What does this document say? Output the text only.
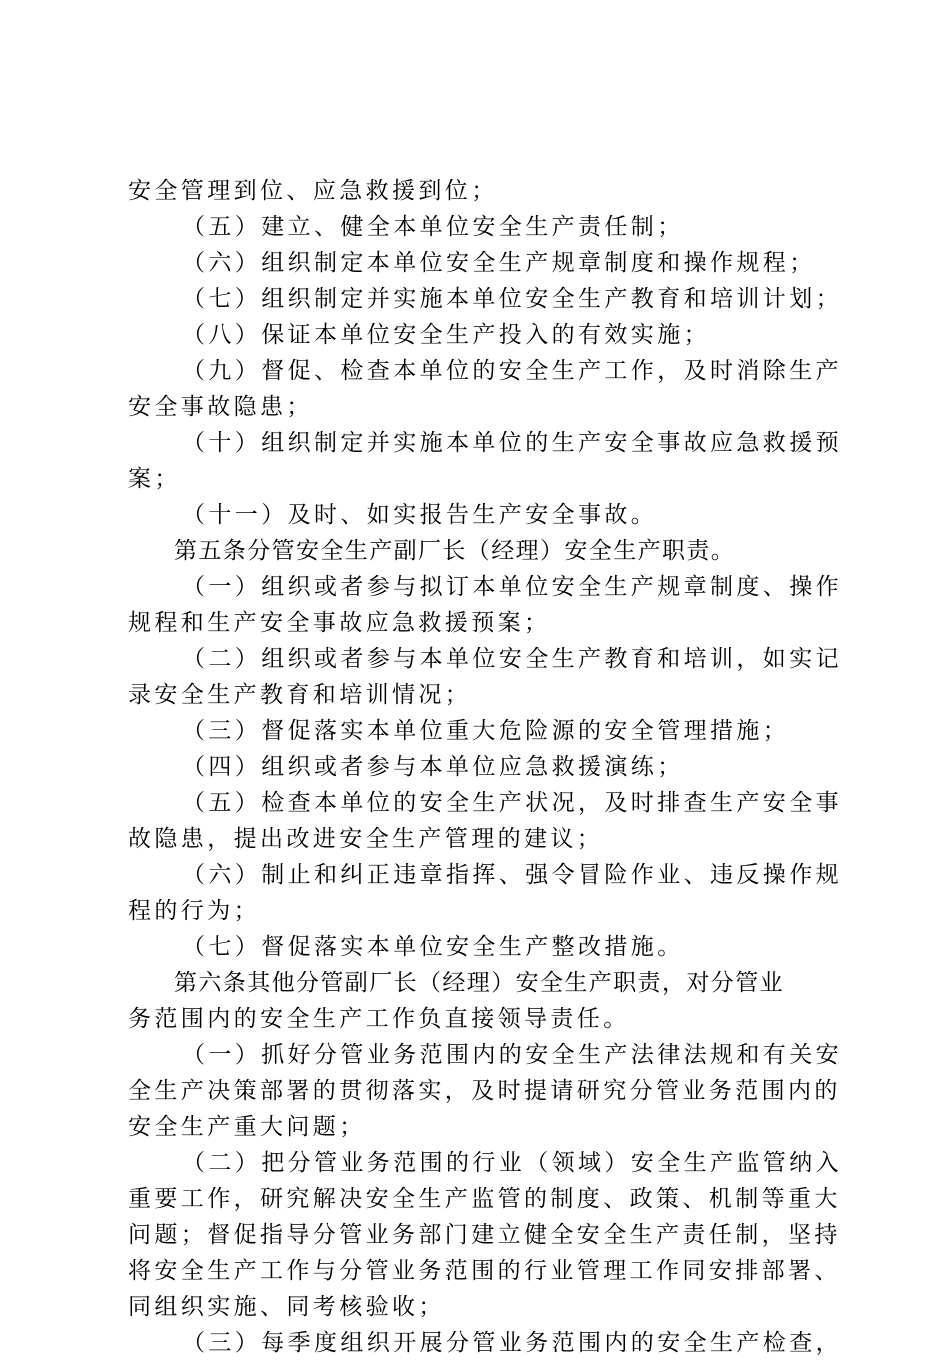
安全管理到位、应急救援到位；
（五）建立、健全本单位安全生产责任制；
（六）组织制定本单位安全生产规章制度和操作规程；
（七）组织制定并实施本单位安全生产教育和培训计划；
（八）保证本单位安全生产投入的有效实施；
（九）督促、检查本单位的安全生产工作，及时消除生产
安全事故隐患；
（十）组织制定并实施本单位的生产安全事故应急救援预
案；
（十一）及时、如实报告生产安全事故。
第五条分管安全生产副厂长（经理）安全生产职责。
（一）组织或者参与拟订本单位安全生产规章制度、操作
规程和生产安全事故应急救援预案；
（二）组织或者参与本单位安全生产教育和培训，如实记
录安全生产教育和培训情况；
（三）督促落实本单位重大危险源的安全管理措施；
（四）组织或者参与本单位应急救援演练；
（五）检查本单位的安全生产状况，及时排查生产安全事
故隐患，提出改进安全生产管理的建议；
（六）制止和纠正违章指挥、强令冒险作业、违反操作规
程的行为；
（七）督促落实本单位安全生产整改措施。
第六条其他分管副厂长（经理）安全生产职责，对分管业
务范围内的安全生产工作负直接领导责任。
（一）抓好分管业务范围内的安全生产法律法规和有关安
全生产决策部署的贯彻落实，及时提请研究分管业务范围内的
安全生产重大问题；
（二）把分管业务范围的行业（领域）安全生产监管纳入
重要工作，研究解决安全生产监管的制度、政策、机制等重大
问题；督促指导分管业务部门建立健全安全生产责任制，坚持
将安全生产工作与分管业务范围的行业管理工作同安排部署、
同组织实施、同考核验收；
（三）每季度组织开展分管业务范围内的安全生产检查，
